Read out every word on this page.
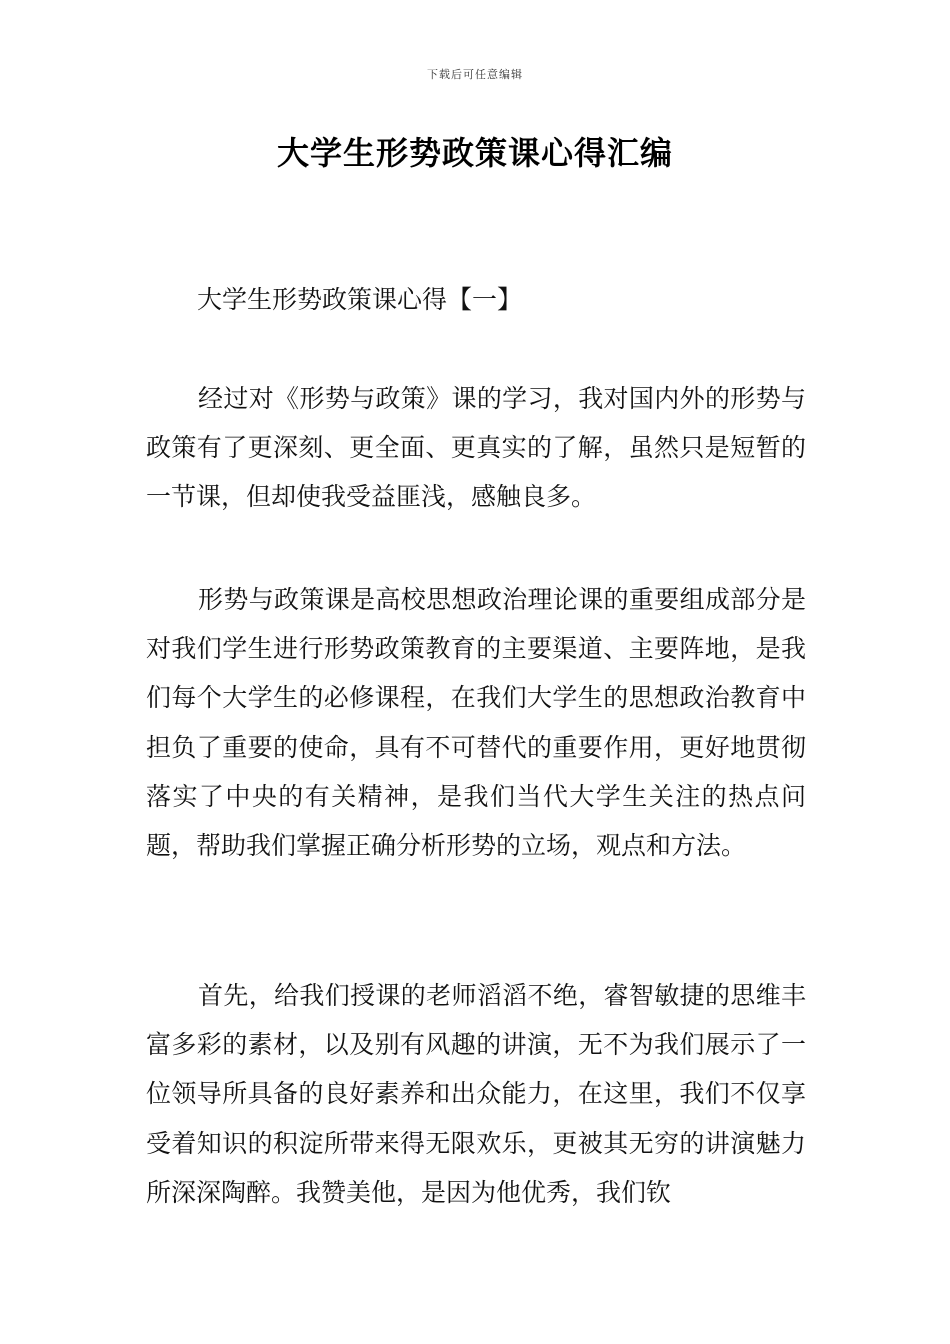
下载后可任意编辑
大学生形势政策课心得汇编
大学生形势政策课心得【一】

经过对《形势与政策》课的学习，我对国内外的形势与政策有了更深刻、更全面、更真实的了解，虽然只是短暂的一节课，但却使我受益匪浅，感触良多。

形势与政策课是高校思想政治理论课的重要组成部分是对我们学生进行形势政策教育的主要渠道、主要阵地，是我们每个大学生的必修课程，在我们大学生的思想政治教育中担负了重要的使命，具有不可替代的重要作用，更好地贯彻落实了中央的有关精神，是我们当代大学生关注的热点问题，帮助我们掌握正确分析形势的立场，观点和方法。

首先，给我们授课的老师滔滔不绝，睿智敏捷的思维丰富多彩的素材，以及别有风趣的讲演，无不为我们展示了一位领导所具备的良好素养和出众能力，在这里，我们不仅享受着知识的积淀所带来得无限欢乐，更被其无穷的讲演魅力所深深陶醉。我赞美他，是因为他优秀，我们钦
